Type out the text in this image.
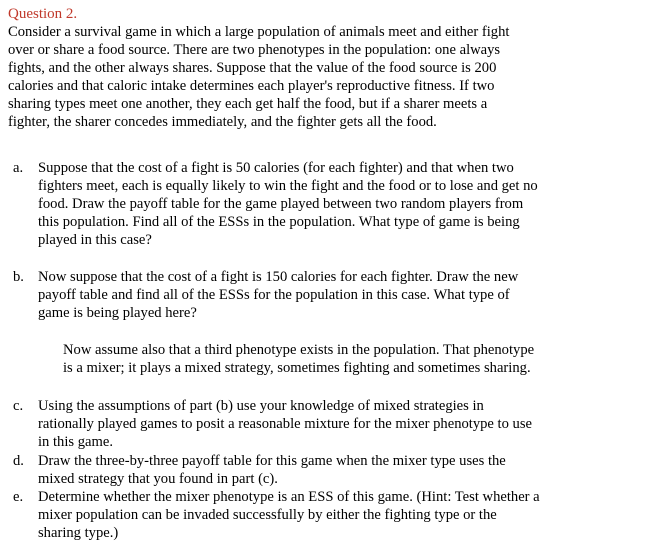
Question 2.
Consider a survival game in which a large population of animals meet and either fight
over or share a food source. There are two phenotypes in the population: one always
fights, and the other always shares. Suppose that the value of the food source is 200
calories and that caloric intake determines each player's reproductive fitness. If two
sharing types meet one another, they each get half the food, but if a sharer meets a
fighter, the sharer concedes immediately, and the fighter gets all the food.
a. Suppose that the cost of a fight is 50 calories (for each fighter) and that when two
fighters meet, each is equally likely to win the fight and the food or to lose and get no
food. Draw the payoff table for the game played between two random players from
this population. Find all of the ESSs in the population. What type of game is being
played in this case?
b. Now suppose that the cost of a fight is 150 calories for each fighter. Draw the new
payoff table and find all of the ESSs for the population in this case. What type of
game is being played here?
Now assume also that a third phenotype exists in the population. That phenotype
is a mixer; it plays a mixed strategy, sometimes fighting and sometimes sharing.
c. Using the assumptions of part (b) use your knowledge of mixed strategies in
rationally played games to posit a reasonable mixture for the mixer phenotype to use
in this game.
d. Draw the three-by-three payoff table for this game when the mixer type uses the
mixed strategy that you found in part (c).
e. Determine whether the mixer phenotype is an ESS of this game. (Hint: Test whether a
mixer population can be invaded successfully by either the fighting type or the
sharing type.)
